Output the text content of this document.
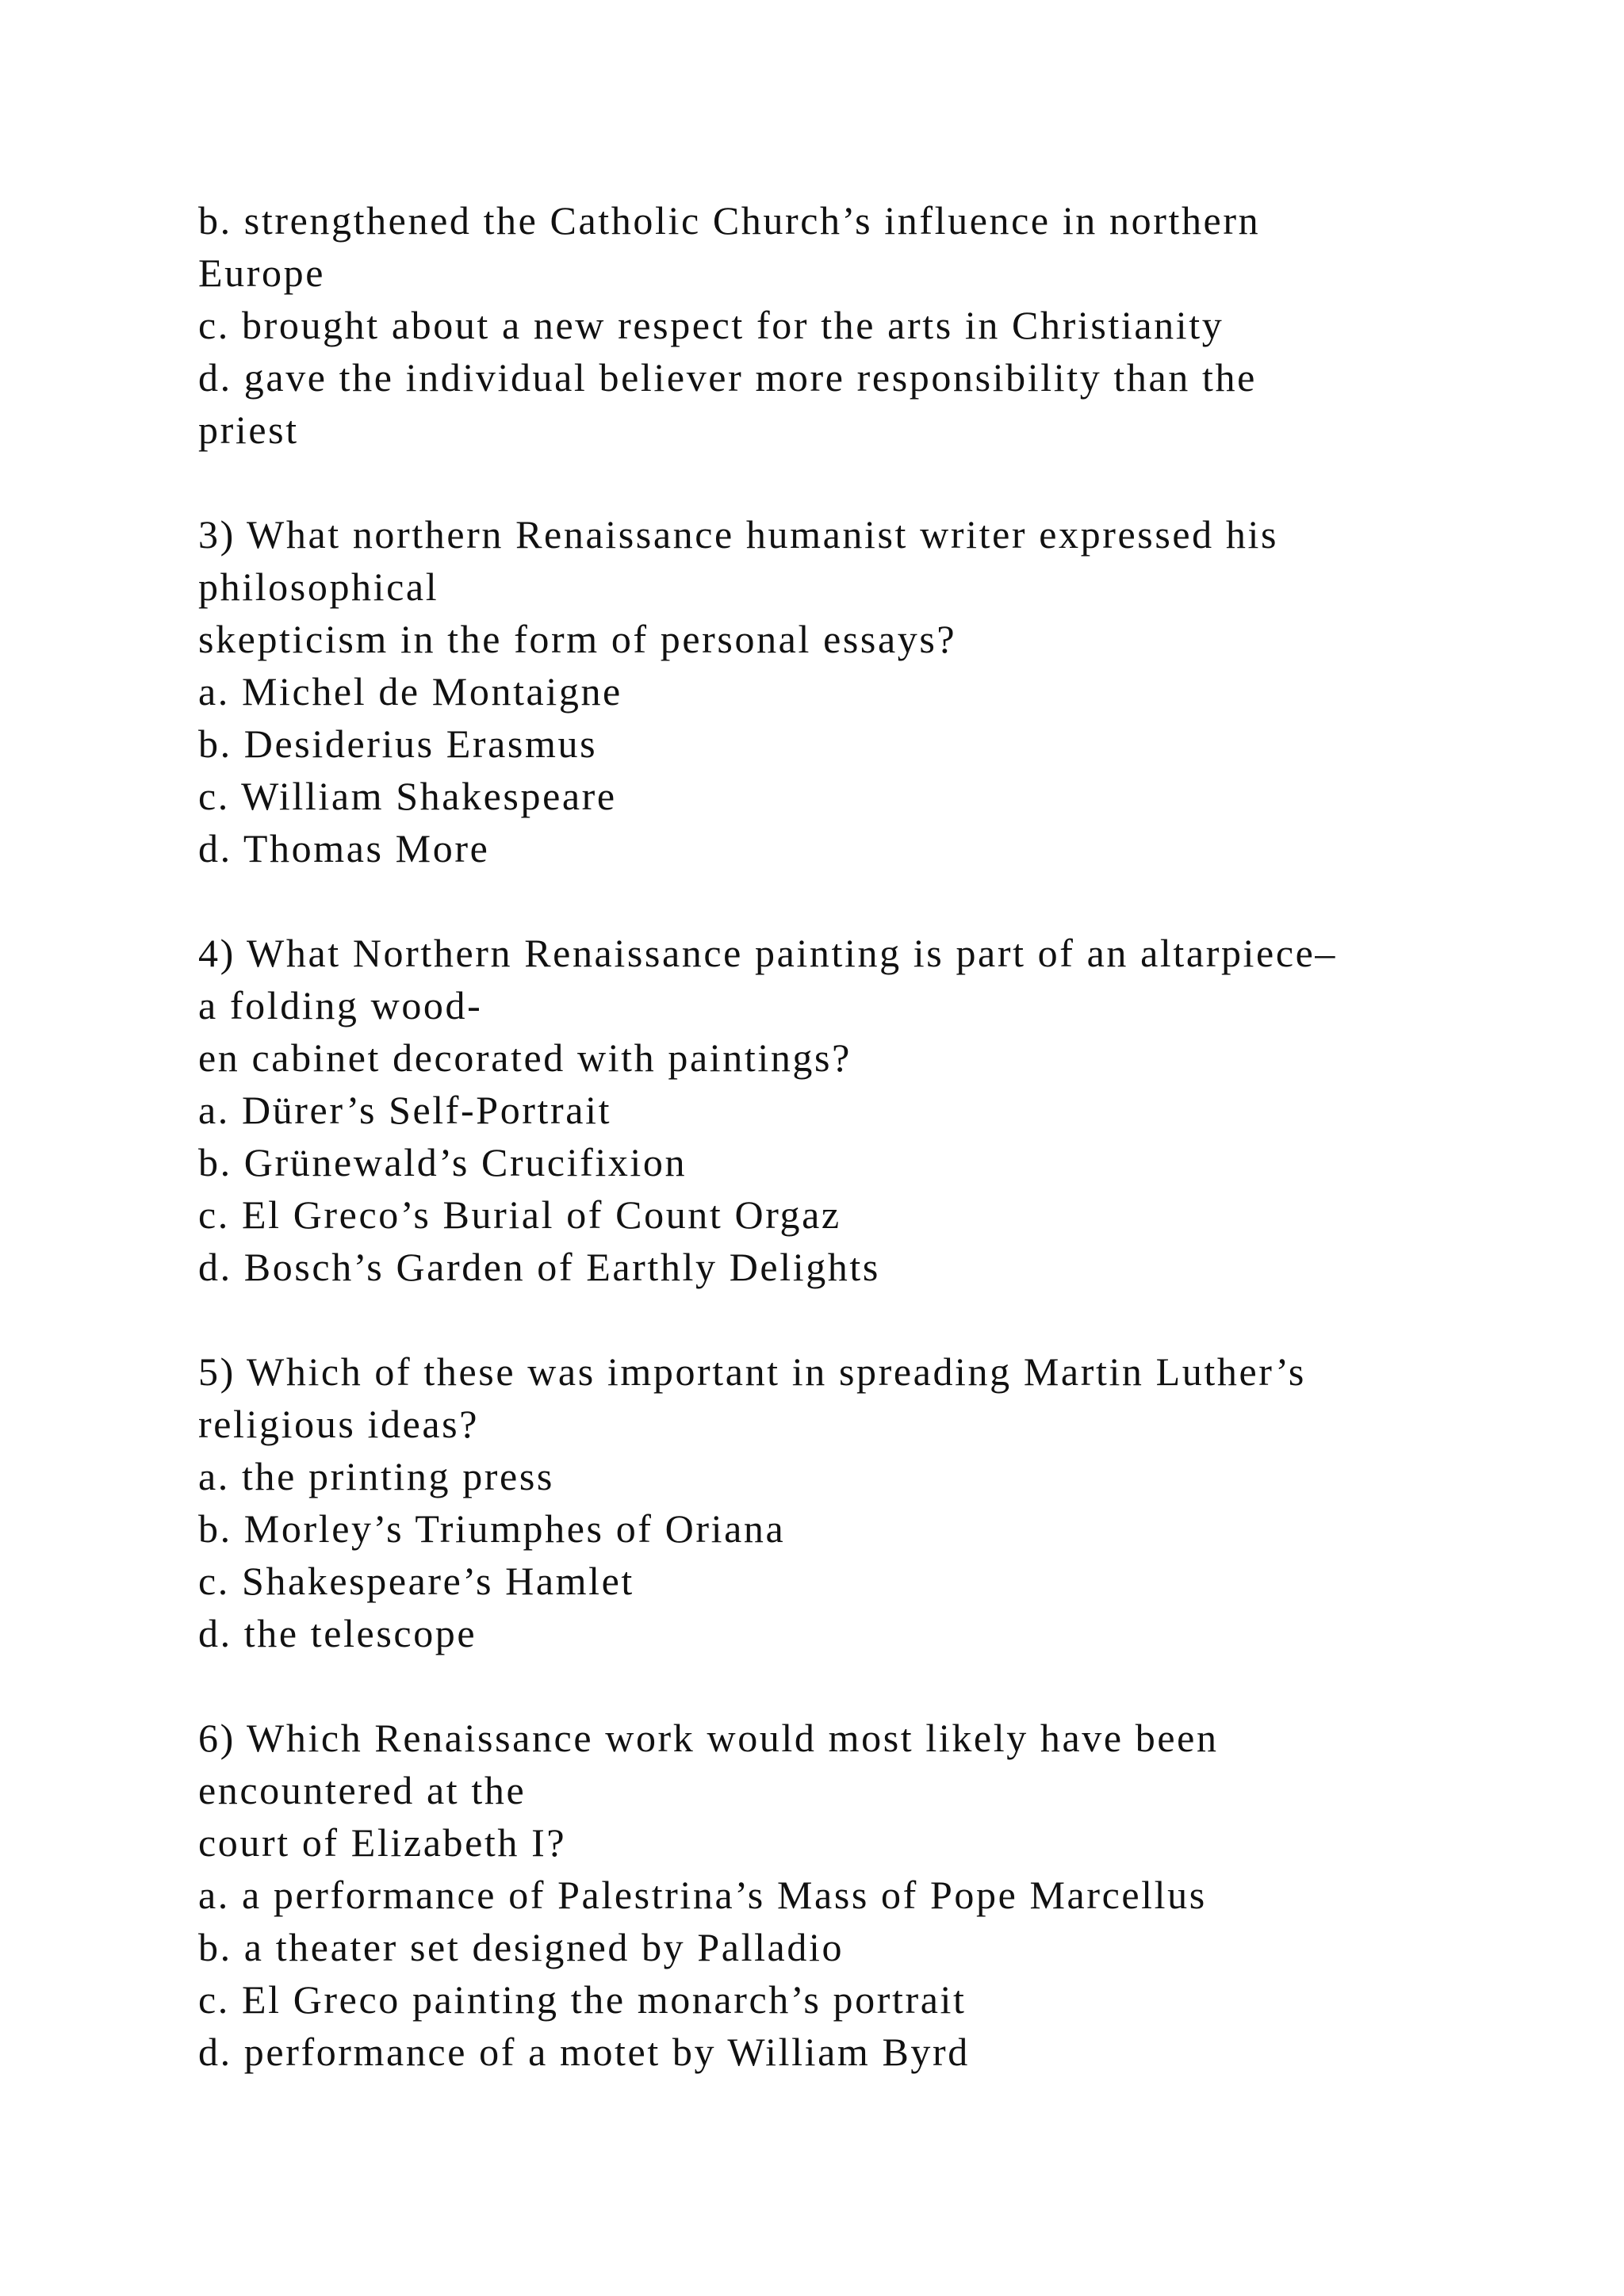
b. strengthened the Catholic Church’s influence in northern
Europe
c. brought about a new respect for the arts in Christianity
d. gave the individual believer more responsibility than the
priest
3) What northern Renaissance humanist writer expressed his
philosophical
skepticism in the form of personal essays?
a. Michel de Montaigne
b. Desiderius Erasmus
c. William Shakespeare
d. Thomas More
4) What Northern Renaissance painting is part of an altarpiece–
a folding wood-
en cabinet decorated with paintings?
a. Dürer’s Self-Portrait
b. Grünewald’s Crucifixion
c. El Greco’s Burial of Count Orgaz
d. Bosch’s Garden of Earthly Delights
5) Which of these was important in spreading Martin Luther’s
religious ideas?
a. the printing press
b. Morley’s Triumphes of Oriana
c. Shakespeare’s Hamlet
d. the telescope
6) Which Renaissance work would most likely have been
encountered at the
court of Elizabeth I?
a. a performance of Palestrina’s Mass of Pope Marcellus
b. a theater set designed by Palladio
c. El Greco painting the monarch’s portrait
d. performance of a motet by William Byrd
